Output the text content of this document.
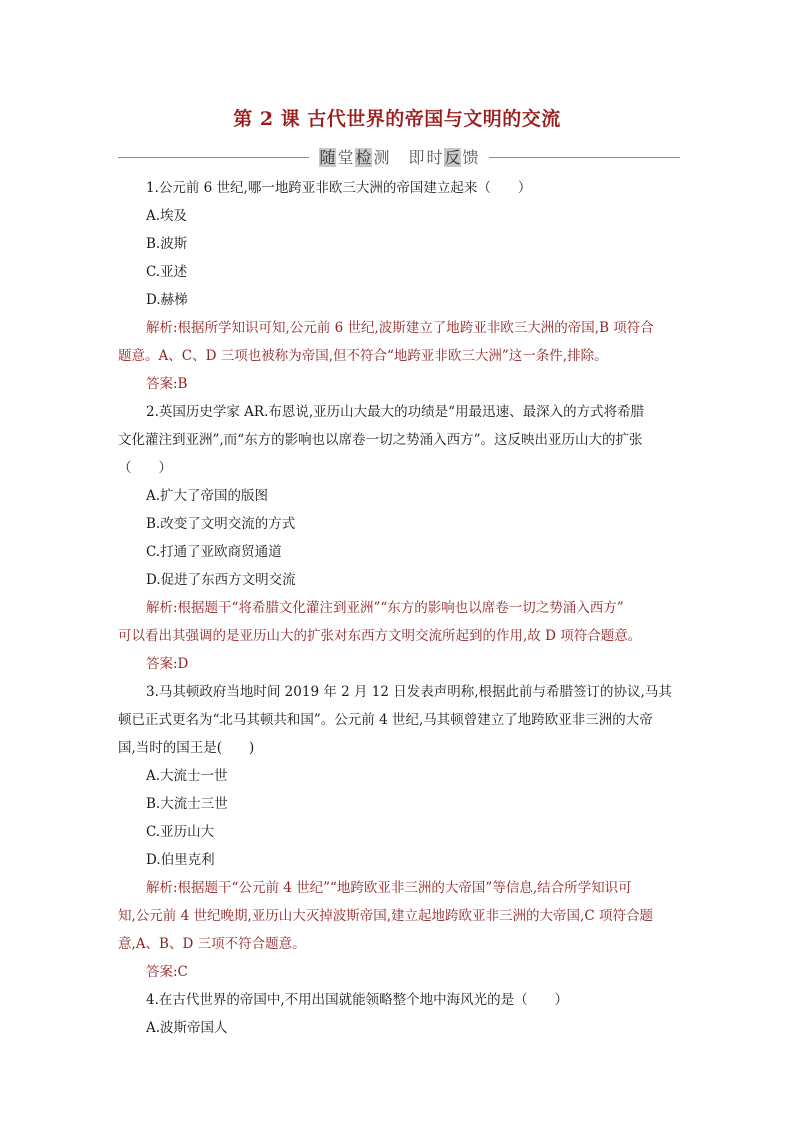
第 2 课 古代世界的帝国与文明的交流
随 堂 检 测 即 时 反 馈
1.公元前 6 世纪,哪一地跨亚非欧三大洲的帝国建立起来（　　）
A.埃及
B.波斯
C.亚述
D.赫梯
解析:根据所学知识可知,公元前 6 世纪,波斯建立了地跨亚非欧三大洲的帝国,B 项符合
题意。A、C、D 三项也被称为帝国,但不符合“地跨亚非欧三大洲”这一条件,排除。
答案:B
2.英国历史学家 AR.布恩说,亚历山大最大的功绩是“用最迅速、最深入的方式将希腊
文化灌注到亚洲”,而“东方的影响也以席卷一切之势涌入西方”。这反映出亚历山大的扩张
（　　）
A.扩大了帝国的版图
B.改变了文明交流的方式
C.打通了亚欧商贸通道
D.促进了东西方文明交流
解析:根据题干“将希腊文化灌注到亚洲”“东方的影响也以席卷一切之势涌入西方”
可以看出其强调的是亚历山大的扩张对东西方文明交流所起到的作用,故 D 项符合题意。
答案:D
3.马其顿政府当地时间 2019 年 2 月 12 日发表声明称,根据此前与希腊签订的协议,马其
顿已正式更名为“北马其顿共和国”。公元前 4 世纪,马其顿曾建立了地跨欧亚非三洲的大帝
国,当时的国王是(　　)
A.大流士一世
B.大流士三世
C.亚历山大
D.伯里克利
解析:根据题干“公元前 4 世纪”“地跨欧亚非三洲的大帝国”等信息,结合所学知识可
知,公元前 4 世纪晚期,亚历山大灭掉波斯帝国,建立起地跨欧亚非三洲的大帝国,C 项符合题
意,A、B、D 三项不符合题意。
答案:C
4.在古代世界的帝国中,不用出国就能领略整个地中海风光的是（　　）
A.波斯帝国人
